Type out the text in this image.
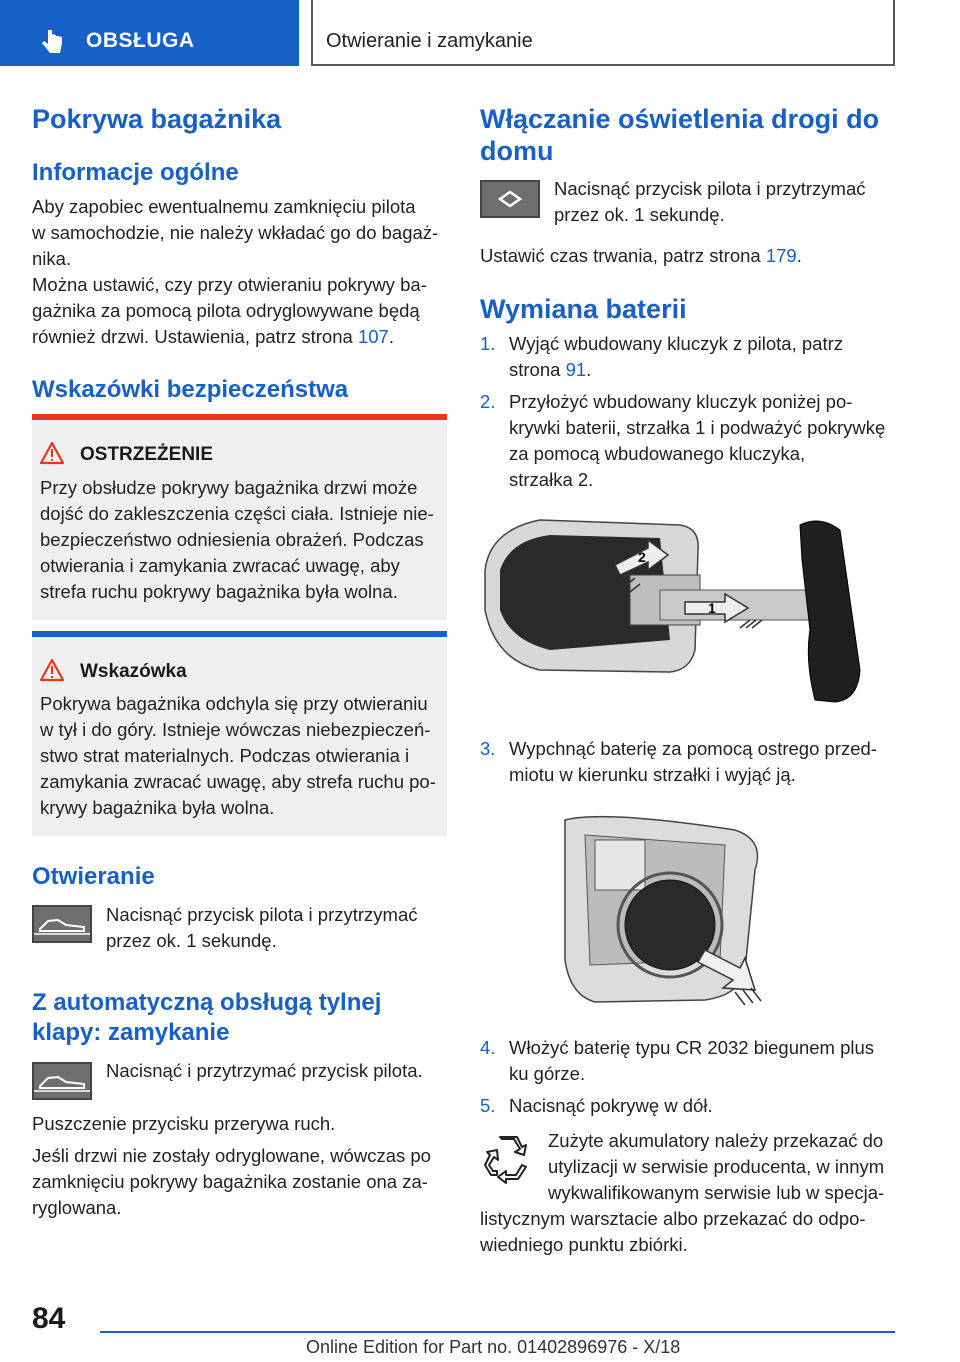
OBSŁUGA	Otwieranie i zamykanie
Pokrywa bagażnika
Informacje ogólne
Aby zapobiec ewentualnemu zamknięciu pilota
w samochodzie, nie należy wkładać go do bagaż-
nika.
Można ustawić, czy przy otwieraniu pokrywy ba-
gażnika za pomocą pilota odryglowywane będą
również drzwi. Ustawienia, patrz strona 107.
Wskazówki bezpieczeństwa
OSTRZEŻENIE
Przy obsłudze pokrywy bagażnika drzwi może
dojść do zakleszczenia części ciała. Istnieje nie-
bezpieczeństwo odniesienia obrażeń. Podczas
otwierania i zamykania zwracać uwagę, aby
strefa ruchu pokrywy bagażnika była wolna.
Wskazówka
Pokrywa bagażnika odchyla się przy otwieraniu
w tył i do góry. Istnieje wówczas niebezpieczeń-
stwo strat materialnych. Podczas otwierania i
zamykania zwracać uwagę, aby strefa ruchu po-
krywy bagażnika była wolna.
Otwieranie
Nacisnąć przycisk pilota i przytrzymać
przez ok. 1 sekundę.
Z automatyczną obsługą tylnej
klapy: zamykanie
Nacisnąć i przytrzymać przycisk pilota.
Puszczenie przycisku przerywa ruch.
Jeśli drzwi nie zostały odryglowane, wówczas po
zamknięciu pokrywy bagażnika zostanie ona za-
ryglowana.
Włączanie oświetlenia drogi do
domu
Nacisnąć przycisk pilota i przytrzymać
przez ok. 1 sekundę.
Ustawić czas trwania, patrz strona 179.
Wymiana baterii
1. Wyjąć wbudowany kluczyk z pilota, patrz
strona 91.
2. Przyłożyć wbudowany kluczyk poniżej po-
krywki baterii, strzałka 1 i podważyć pokrywkę
za pomocą wbudowanego kluczyka,
strzałka 2.
2
1
3. Wypchnąć baterię za pomocą ostrego przed-
miotu w kierunku strzałki i wyjąć ją.
4. Włożyć baterię typu CR 2032 biegunem plus
ku górze.
5. Nacisnąć pokrywę w dół.
Zużyte akumulatory należy przekazać do
utylizacji w serwisie producenta, w innym
wykwalifikowanym serwisie lub w specja-
listycznym warsztacie albo przekazać do odpo-
wiedniego punktu zbiórki.
84
Online Edition for Part no. 01402896976 - X/18
